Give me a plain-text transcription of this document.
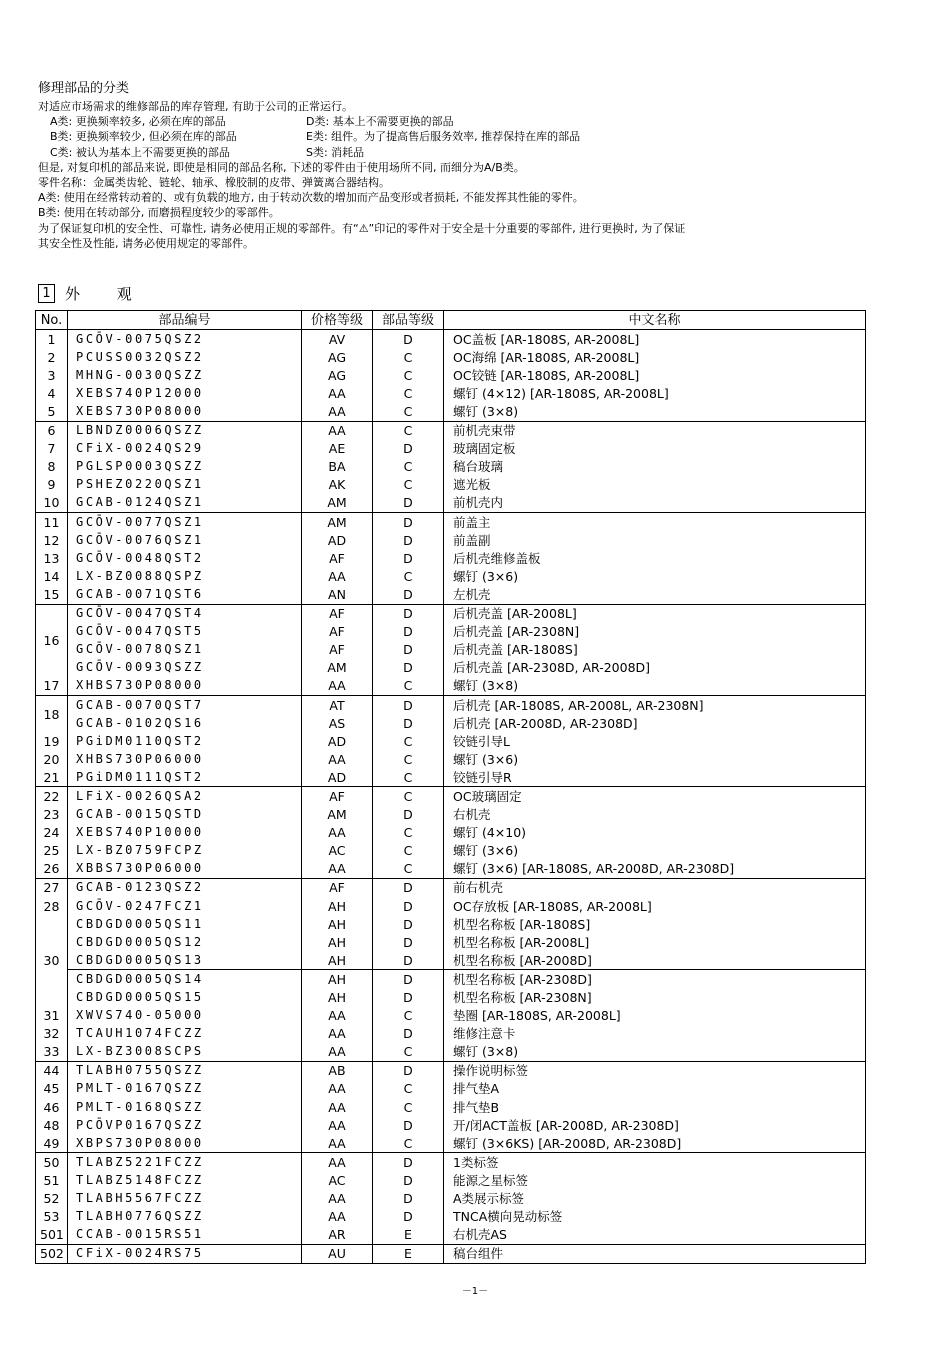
修理部品的分类
对适应市场需求的维修部品的库存管理, 有助于公司的正常运行。
A类: 更换频率较多, 必须在库的部品	D类: 基本上不需要更换的部品
B类: 更换频率较少, 但必须在库的部品	E类: 组件。为了提高售后服务效率, 推荐保持在库的部品
C类: 被认为基本上不需要更换的部品	S类: 消耗品
但是, 对复印机的部品来说, 即使是相同的部品名称, 下述的零件由于使用场所不同, 而细分为A/B类。
零件名称：金属类齿轮、链轮、轴承、橡胶制的皮带、弹簧离合器结构。
A类: 使用在经常转动着的、或有负载的地方, 由于转动次数的增加而产品变形或者损耗, 不能发挥其性能的零件。
B类: 使用在转动部分, 而磨损程度较少的零部件。
为了保证复印机的安全性、可靠性, 请务必使用正规的零部件。有“⚠”印记的零件对于安全是十分重要的零部件, 进行更换时, 为了保证
其安全性及性能, 请务必使用规定的零部件。
1 外 观
No.	部品编号	价格等级	部品等级	中文名称
1	GCŌV-0075QSZ2	AV	D	OC盖板 [AR-1808S, AR-2008L]
2	PCUSS0032QSZ2	AG	C	OC海绵 [AR-1808S, AR-2008L]
3	MHNG-0030QSZZ	AG	C	OC铰链 [AR-1808S, AR-2008L]
4	XEBS740P12000	AA	C	螺钉 (4×12) [AR-1808S, AR-2008L]
5	XEBS730P08000	AA	C	螺钉 (3×8)
6	LBNDZ0006QSZZ	AA	C	前机壳束带
7	CFiX-0024QS29	AE	D	玻璃固定板
8	PGLSP0003QSZZ	BA	C	稿台玻璃
9	PSHEZ0220QSZ1	AK	C	遮光板
10	GCAB-0124QSZ1	AM	D	前机壳内
11	GCŌV-0077QSZ1	AM	D	前盖主
12	GCŌV-0076QSZ1	AD	D	前盖副
13	GCŌV-0048QST2	AF	D	后机壳维修盖板
14	LX-BZ0088QSPZ	AA	C	螺钉 (3×6)
15	GCAB-0071QST6	AN	D	左机壳
16	GCŌV-0047QST4	AF	D	后机壳盖 [AR-2008L]
	GCŌV-0047QST5	AF	D	后机壳盖 [AR-2308N]
	GCŌV-0078QSZ1	AF	D	后机壳盖 [AR-1808S]
	GCŌV-0093QSZZ	AM	D	后机壳盖 [AR-2308D, AR-2008D]
17	XHBS730P08000	AA	C	螺钉 (3×8)
18	GCAB-0070QST7	AT	D	后机壳 [AR-1808S, AR-2008L, AR-2308N]
	GCAB-0102QS16	AS	D	后机壳 [AR-2008D, AR-2308D]
19	PGiDM0110QST2	AD	C	铰链引导L
20	XHBS730P06000	AA	C	螺钉 (3×6)
21	PGiDM0111QST2	AD	C	铰链引导R
22	LFiX-0026QSA2	AF	C	OC玻璃固定
23	GCAB-0015QSTD	AM	D	右机壳
24	XEBS740P10000	AA	C	螺钉 (4×10)
25	LX-BZ0759FCPZ	AC	C	螺钉 (3×6)
26	XBBS730P06000	AA	C	螺钉 (3×6) [AR-1808S, AR-2008D, AR-2308D]
27	GCAB-0123QSZ2	AF	D	前右机壳
28	GCŌV-0247FCZ1	AH	D	OC存放板 [AR-1808S, AR-2008L]
30	CBDGD0005QS11	AH	D	机型名称板 [AR-1808S]
	CBDGD0005QS12	AH	D	机型名称板 [AR-2008L]
	CBDGD0005QS13	AH	D	机型名称板 [AR-2008D]
	CBDGD0005QS14	AH	D	机型名称板 [AR-2308D]
	CBDGD0005QS15	AH	D	机型名称板 [AR-2308N]
31	XWVS740-05000	AA	C	垫圈 [AR-1808S, AR-2008L]
32	TCAUH1074FCZZ	AA	D	维修注意卡
33	LX-BZ3008SCPS	AA	C	螺钉 (3×8)
44	TLABH0755QSZZ	AB	D	操作说明标签
45	PMLT-0167QSZZ	AA	C	排气垫A
46	PMLT-0168QSZZ	AA	C	排气垫B
48	PCŌVP0167QSZZ	AA	D	开/闭ACT盖板 [AR-2008D, AR-2308D]
49	XBPS730P08000	AA	C	螺钉 (3×6KS) [AR-2008D, AR-2308D]
50	TLABZ5221FCZZ	AA	D	1类标签
51	TLABZ5148FCZZ	AC	D	能源之星标签
52	TLABH5567FCZZ	AA	D	A类展示标签
53	TLABH0776QSZZ	AA	D	TNCA横向晃动标签
501	CCAB-0015RS51	AR	E	右机壳AS
502	CFiX-0024RS75	AU	E	稿台组件
－1－
